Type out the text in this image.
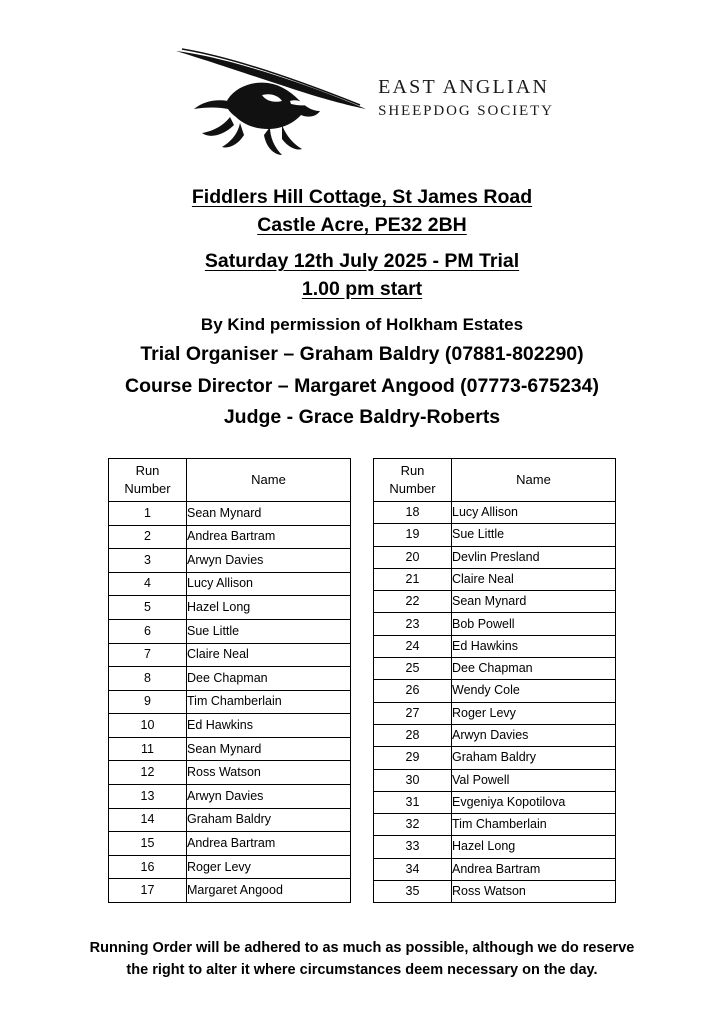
EAST ANGLIAN
SHEEPDOG SOCIETY
Fiddlers Hill Cottage, St James Road
Castle Acre, PE32 2BH
Saturday 12th July 2025 - PM Trial
1.00 pm start
By Kind permission of Holkham Estates
Trial Organiser – Graham Baldry (07881-802290)
Course Director – Margaret Angood (07773-675234)
Judge - Grace Baldry-Roberts
Run
Number	Name
1	Sean Mynard
2	Andrea Bartram
3	Arwyn Davies
4	Lucy Allison
5	Hazel Long
6	Sue Little
7	Claire Neal
8	Dee Chapman
9	Tim Chamberlain
10	Ed Hawkins
11	Sean Mynard
12	Ross Watson
13	Arwyn Davies
14	Graham Baldry
15	Andrea Bartram
16	Roger Levy
17	Margaret Angood
Run
Number	Name
18	Lucy Allison
19	Sue Little
20	Devlin Presland
21	Claire Neal
22	Sean Mynard
23	Bob Powell
24	Ed Hawkins
25	Dee Chapman
26	Wendy Cole
27	Roger Levy
28	Arwyn Davies
29	Graham Baldry
30	Val Powell
31	Evgeniya Kopotilova
32	Tim Chamberlain
33	Hazel Long
34	Andrea Bartram
35	Ross Watson
Running Order will be adhered to as much as possible, although we do reserve
the right to alter it where circumstances deem necessary on the day.
